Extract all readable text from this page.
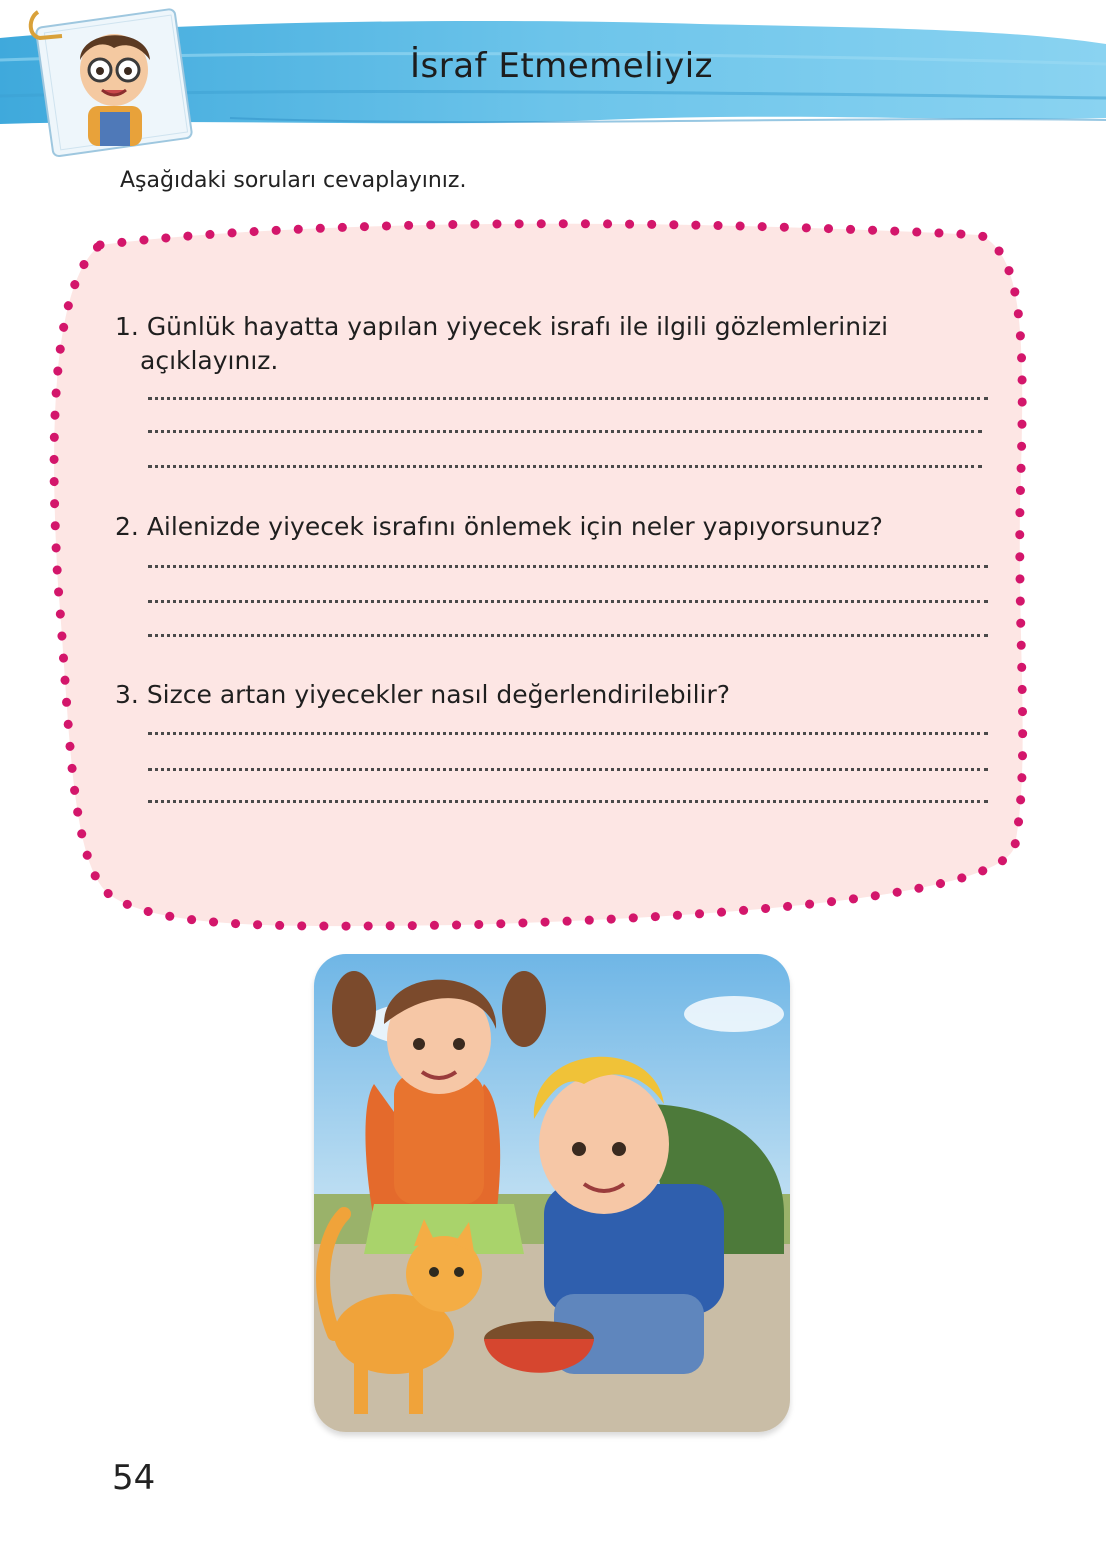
İsraf Etmemeliyiz
Aşağıdaki soruları cevaplayınız.
1. Günlük hayatta yapılan yiyecek israfı ile ilgili gözlemlerinizi
açıklayınız.
2. Ailenizde yiyecek israfını önlemek için neler yapıyorsunuz?
3. Sizce artan yiyecekler nasıl değerlendirilebilir?
54
